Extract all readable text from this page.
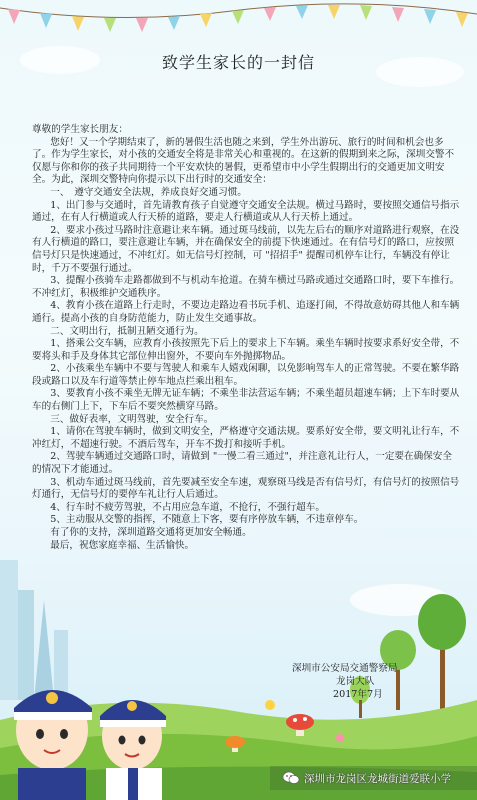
致学生家长的一封信

尊敬的学生家长朋友：

您好！又一个学期结束了，新的暑假生活也随之来到，学生外出游玩、旅行的时间和机会也多了。作为学生家长，对小孩的交通安全将是非常关心和重视的。在这新的假期到来之际，深圳交警不仅愿与你和你的孩子共同期待一个平安欢快的暑假，更希望市中小学生假期出行的交通更加文明安全。为此，深圳交警特向你提示以下出行时的交通安全：

一、　遵守交通安全法规，养成良好交通习惯。

1、出门参与交通时，首先请教育孩子自觉遵守交通安全法规。横过马路时，要按照交通信号指示通过，在有人行横道或人行天桥的道路，要走人行横道或从人行天桥上通过。

2、要求小孩过马路时注意避让来车辆。通过斑马线前，以先左后右的顺序对道路进行观察，在没有人行横道的路口，要注意避让车辆，并在确保安全的前提下快速通过。在有信号灯的路口，应按照信号灯只是快速通过，不冲红灯。如无信号灯控制，可 "招招手" 提醒司机停车让行，车辆没有停让时，千万不要强行通过。

3、提醒小孩骑车走路都做到不与机动车抢道。在骑车横过马路或通过交通路口时，要下车推行。不冲红灯，积极维护交通秩序。

4、教育小孩在道路上行走时，不要边走路边看书玩手机、追逐打闹，不得故意妨碍其他人和车辆通行。提高小孩的自身防范能力，防止发生交通事故。

二、文明出行，抵制丑陋交通行为。

1、搭乘公交车辆，应教育小孩按照先下后上的要求上下车辆。乘坐车辆时按要求系好安全带，不要将头和手及身体其它部位伸出窗外，不要向车外抛掷物品。

2、小孩乘坐车辆中不要与驾驶人和乘车人嬉戏闲聊，以免影响驾车人的正常驾驶。不要在繁华路段或路口以及车行道等禁止停车地点拦乘出租车。

3、要教育小孩不乘坐无牌无证车辆；不乘坐非法营运车辆；不乘坐超员超速车辆；上下车时要从车的右侧门上下，下车后不要突然横穿马路。

三、做好表率，文明驾驶，安全行车。

1、请你在驾驶车辆时，做到文明安全，严格遵守交通法规。要系好安全带，要文明礼让行车，不冲红灯，不超速行驶。不酒后驾车，开车不拨打和接听手机。

2、驾驶车辆通过交通路口时，请做到 "一慢二看三通过"，并注意礼让行人，一定要在确保安全的情况下才能通过。

3、机动车通过斑马线前，首先要减至安全车速，观察斑马线是否有信号灯，有信号灯的按照信号灯通行，无信号灯的要停车礼让行人后通过。

4、行车时不疲劳驾驶，不占用应急车道，不抢行，不强行超车。

5、主动服从交警的指挥，不随意上下客，要有序停放车辆，不违章停车。

有了你的支持，深圳道路交通将更加安全畅通。

最后，祝您家庭幸福、生活愉快。

深圳市公安局交通警察局
龙岗大队
2017年7月
深圳市龙岗区龙城街道爱联小学
